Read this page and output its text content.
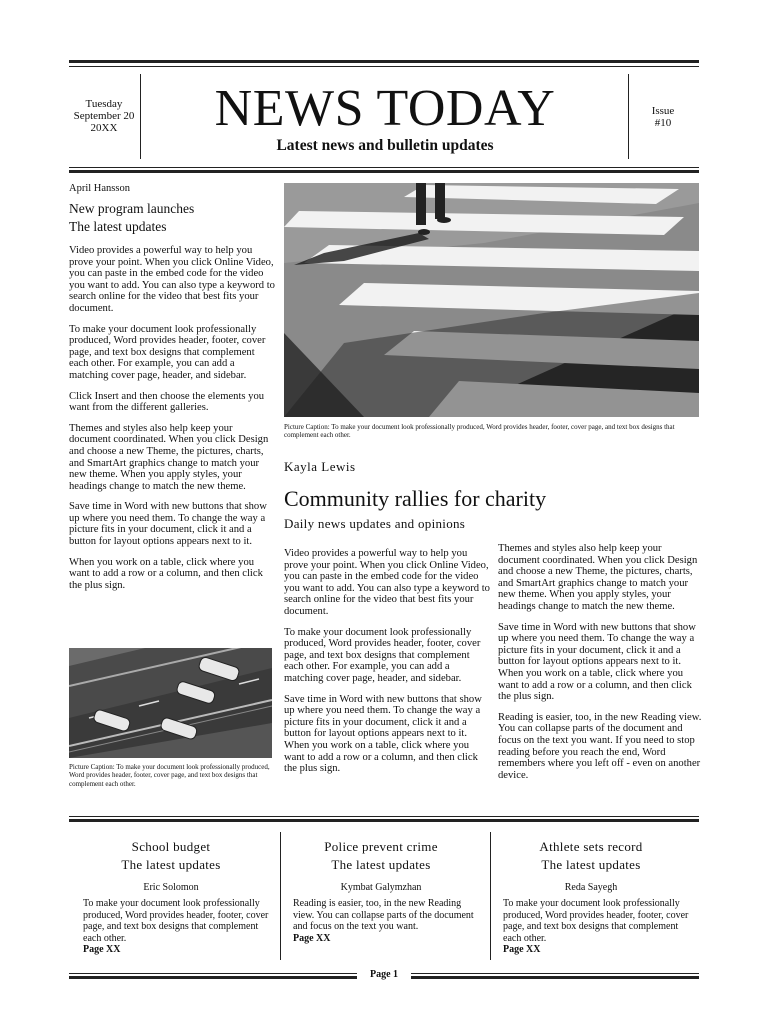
Tuesday
September 20
20XX	NEWS TODAY
Latest news and bulletin updates
Issue
#10
April Hansson
New program launches
The latest updates

Video provides a powerful way to help you prove your point. When you click Online Video, you can paste in the embed code for the video you want to add. You can also type a keyword to search online for the video that best fits your document.

To make your document look professionally produced, Word provides header, footer, cover page, and text box designs that complement each other. For example, you can add a matching cover page, header, and sidebar.

Click Insert and then choose the elements you want from the different galleries.

Themes and styles also help keep your document coordinated. When you click Design and choose a new Theme, the pictures, charts, and SmartArt graphics change to match your new theme. When you apply styles, your headings change to match the new theme.

Save time in Word with new buttons that show up where you need them. To change the way a picture fits in your document, click it and a button for layout options appears next to it.

When you work on a table, click where you want to add a row or a column, and then click the plus sign.

Picture Caption: To make your document look professionally produced, Word provides header, footer, cover page, and text box designs that complement each other.
Picture Caption: To make your document look professionally produced, Word provides header, footer, cover page, and text box designs that complement each other.
Kayla Lewis
Community rallies for charity
Daily news updates and opinions

Video provides a powerful way to help you prove your point. When you click Online Video, you can paste in the embed code for the video you want to add. You can also type a keyword to search online for the video that best fits your document.

To make your document look professionally produced, Word provides header, footer, cover page, and text box designs that complement each other. For example, you can add a matching cover page, header, and sidebar.

Save time in Word with new buttons that show up where you need them. To change the way a picture fits in your document, click it and a button for layout options appears next to it. When you work on a table, click where you want to add a row or a column, and then click the plus sign.

Themes and styles also help keep your document coordinated. When you click Design and choose a new Theme, the pictures, charts, and SmartArt graphics change to match your new theme. When you apply styles, your headings change to match the new theme.

Save time in Word with new buttons that show up where you need them. To change the way a picture fits in your document, click it and a button for layout options appears next to it. When you work on a table, click where you want to add a row or a column, and then click the plus sign.

Reading is easier, too, in the new Reading view. You can collapse parts of the document and focus on the text you want. If you need to stop reading before you reach the end, Word remembers where you left off - even on another device.

School budget
The latest updates
Eric Solomon
To make your document look professionally produced, Word provides header, footer, cover page, and text box designs that complement each other.
Page XX
Police prevent crime
The latest updates
Kymbat Galymzhan
Reading is easier, too, in the new Reading view. You can collapse parts of the document and focus on the text you want.
Page XX
Athlete sets record
The latest updates
Reda Sayegh
To make your document look professionally produced, Word provides header, footer, cover page, and text box designs that complement each other.
Page XX
Page 1
